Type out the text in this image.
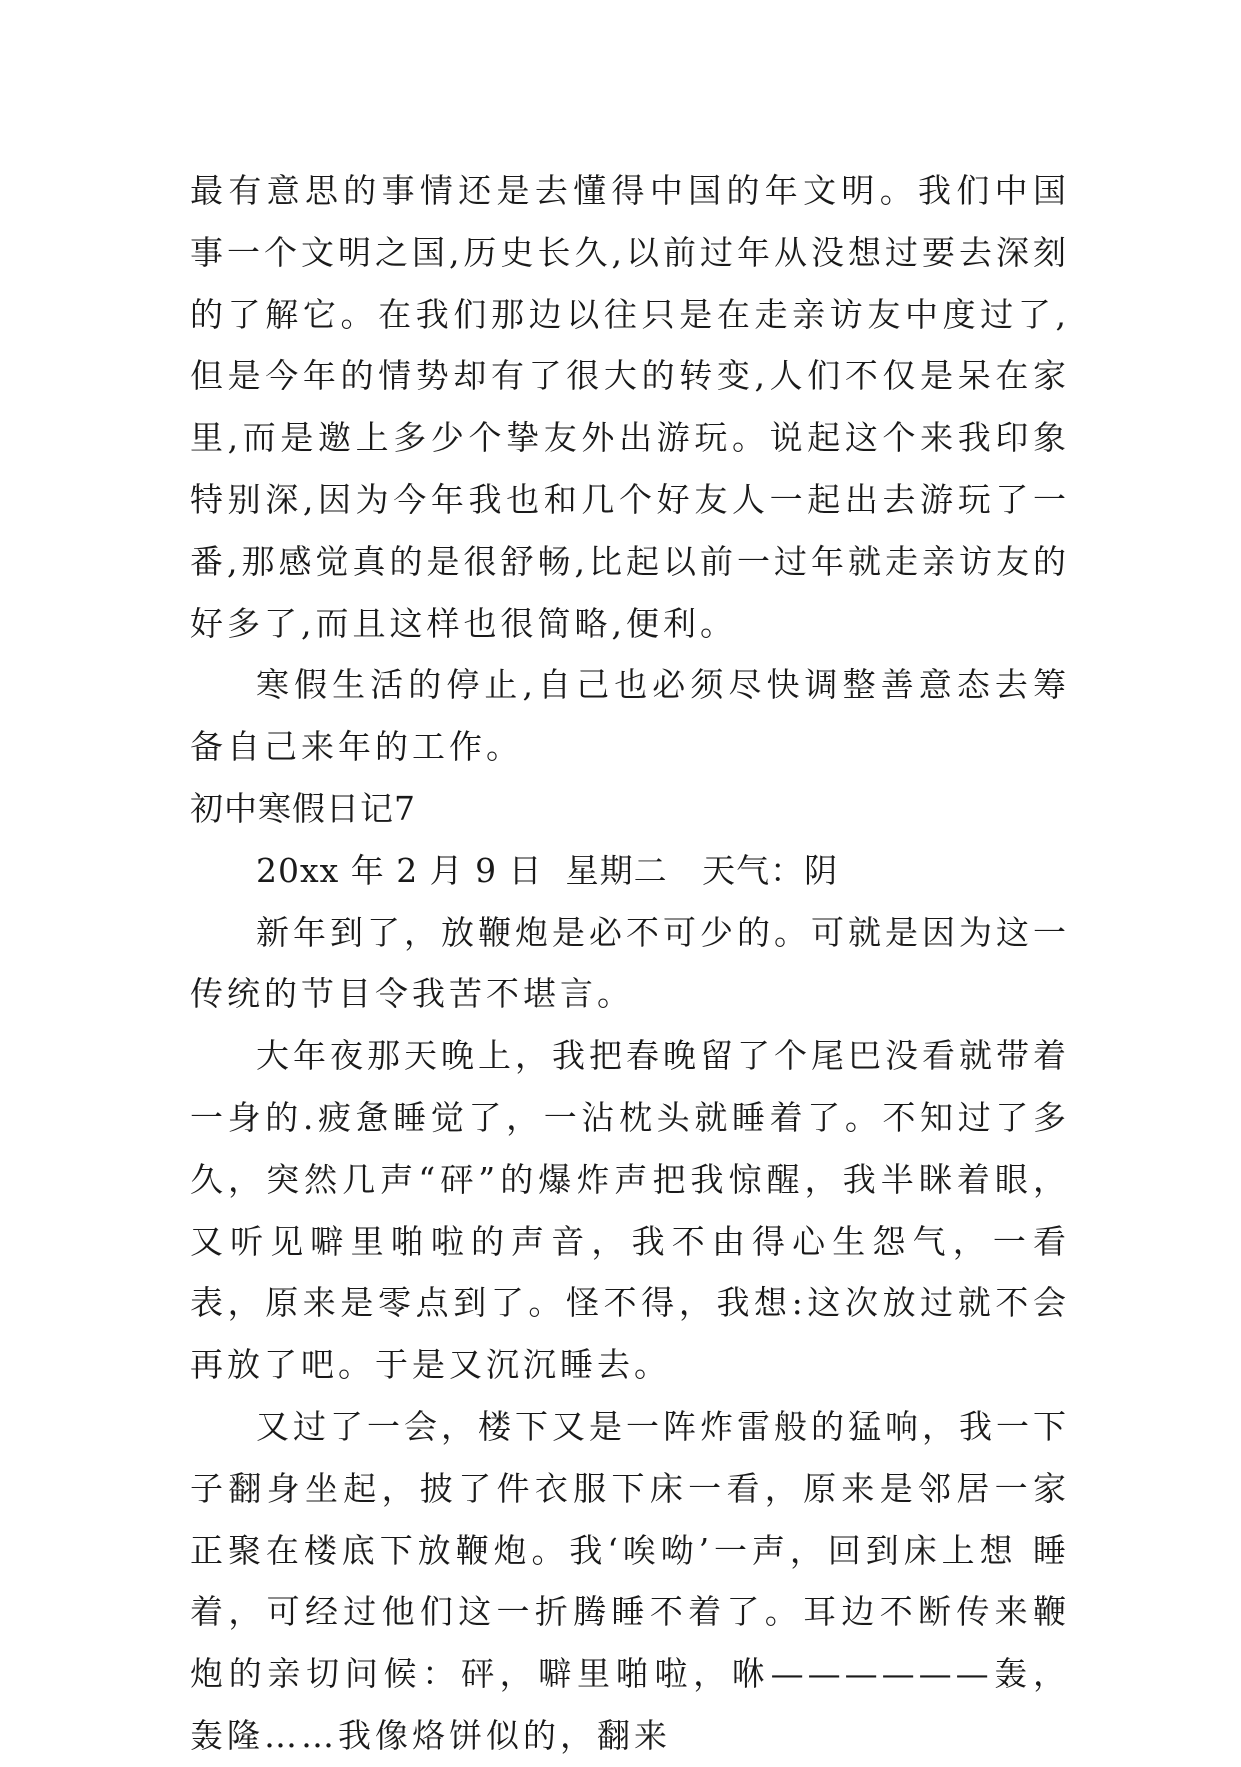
最有意思的事情还是去懂得中国的年文明。我们中国事一个文明之国,历史长久,以前过年从没想过要去深刻的了解它。在我们那边以往只是在走亲访友中度过了,但是今年的情势却有了很大的转变,人们不仅是呆在家里,而是邀上多少个挚友外出游玩。说起这个来我印象特别深,因为今年我也和几个好友人一起出去游玩了一番,那感觉真的是很舒畅,比起以前一过年就走亲访友的好多了,而且这样也很简略,便利。

寒假生活的停止,自己也必须尽快调整善意态去筹备自己来年的工作。

初中寒假日记7

20xx 年 2 月 9 日  星期二   天气：阴

新年到了，放鞭炮是必不可少的。可就是因为这一传统的节目令我苦不堪言。

大年夜那天晚上，我把春晚留了个尾巴没看就带着一身的.疲惫睡觉了，一沾枕头就睡着了。不知过了多久，突然几声“砰”的爆炸声把我惊醒，我半眯着眼，又听见噼里啪啦的声音，我不由得心生怨气，一看表，原来是零点到了。怪不得，我想:这次放过就不会再放了吧。于是又沉沉睡去。

又过了一会，楼下又是一阵炸雷般的猛响，我一下子翻身坐起，披了件衣服下床一看，原来是邻居一家正聚在楼底下放鞭炮。我‘唉呦’一声，回到床上想 睡着，可经过他们这一折腾睡不着了。耳边不断传来鞭炮的亲切问候：砰，噼里啪啦，咻——————轰，轰隆……我像烙饼似的，翻来
